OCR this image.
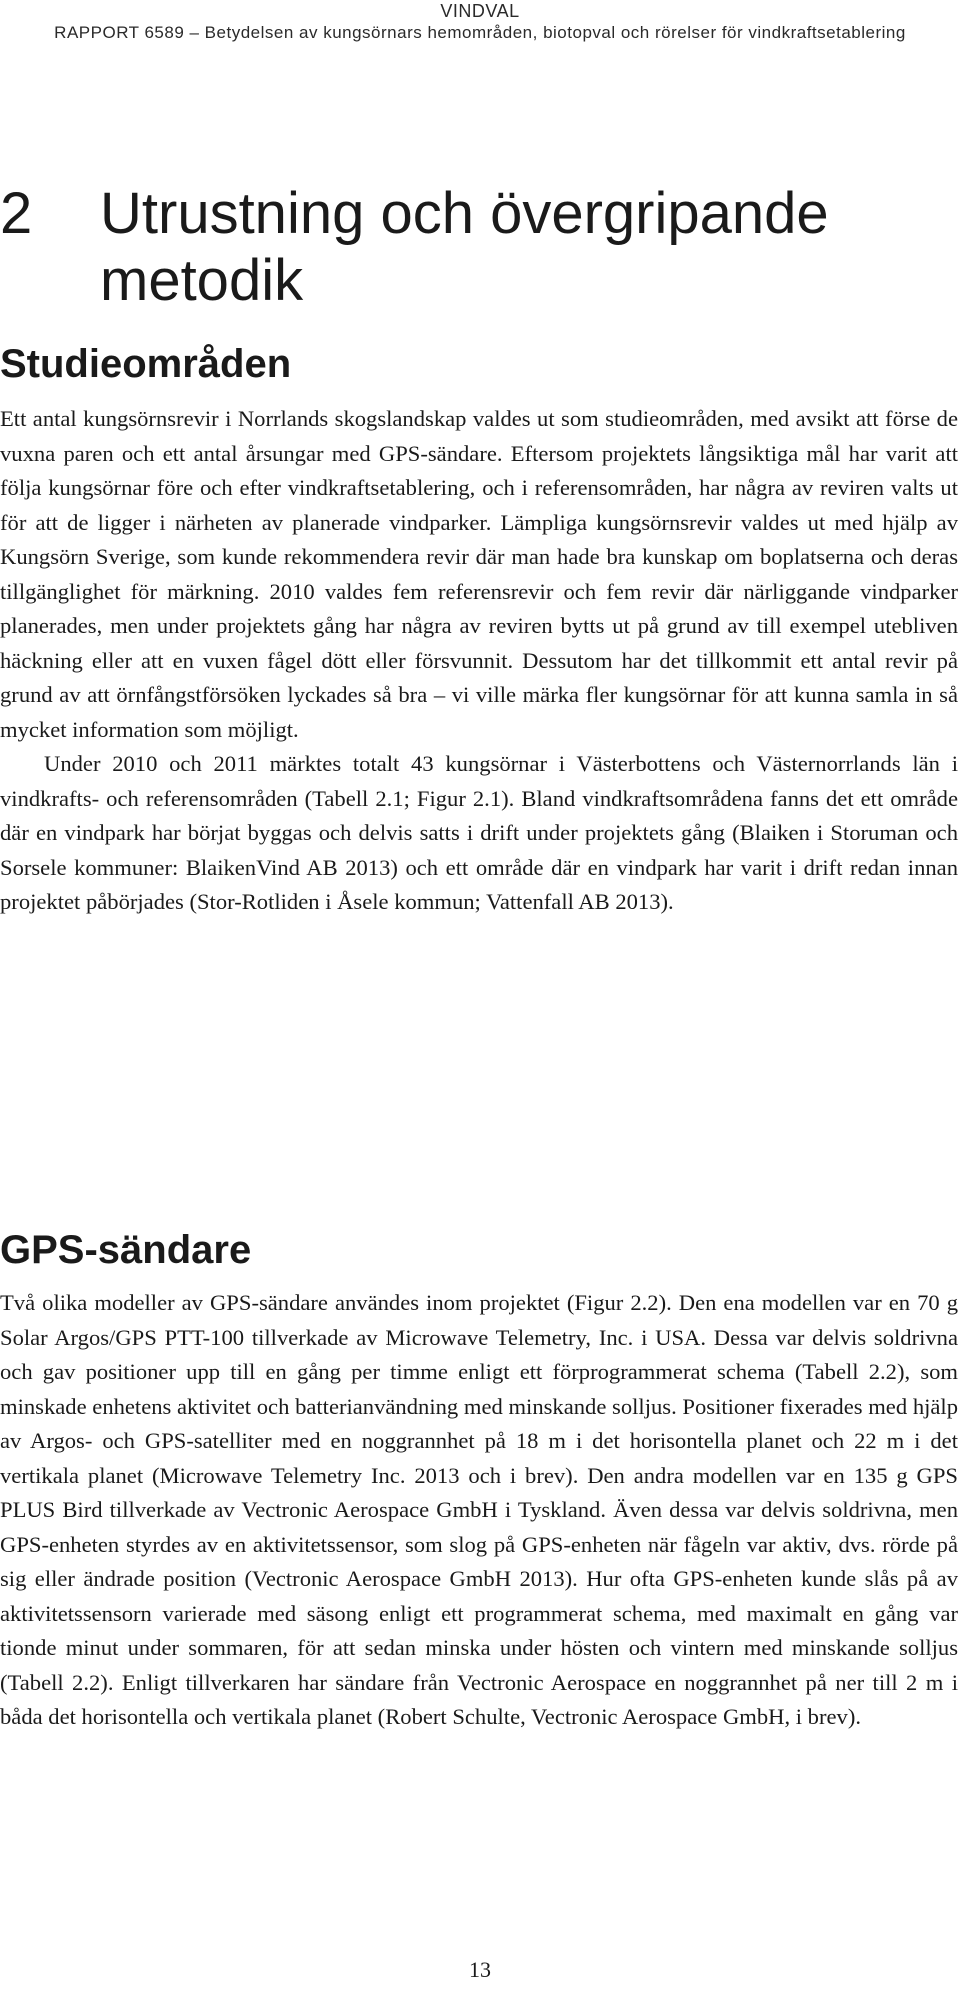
VINDVAL
RAPPORT 6589 – Betydelsen av kungsörnars hemområden, biotopval och rörelser för vindkraftsetablering
2 Utrustning och övergripande metodik
Studieområden

Ett antal kungsörnsrevir i Norrlands skogslandskap valdes ut som studieområden, med avsikt att förse de vuxna paren och ett antal årsungar med GPS-sändare. Eftersom projektets långsiktiga mål har varit att följa kungsörnar före och efter vindkraftsetablering, och i referensområden, har några av reviren valts ut för att de ligger i närheten av planerade vindparker. Lämpliga kungsörnsrevir valdes ut med hjälp av Kungsörn Sverige, som kunde rekommendera revir där man hade bra kunskap om boplatserna och deras tillgänglighet för märkning. 2010 valdes fem referensrevir och fem revir där närliggande vindparker planerades, men under projektets gång har några av reviren bytts ut på grund av till exempel utebliven häckning eller att en vuxen fågel dött eller försvunnit. Dessutom har det tillkommit ett antal revir på grund av att örnfångstförsöken lyckades så bra – vi ville märka fler kungsörnar för att kunna samla in så mycket information som möjligt.

Under 2010 och 2011 märktes totalt 43 kungsörnar i Västerbottens och Västernorrlands län i vindkrafts- och referensområden (Tabell 2.1; Figur 2.1). Bland vindkraftsområdena fanns det ett område där en vindpark har börjat byggas och delvis satts i drift under projektets gång (Blaiken i Storuman och Sorsele kommuner: BlaikenVind AB 2013) och ett område där en vindpark har varit i drift redan innan projektet påbörjades (Stor-Rotliden i Åsele kommun; Vattenfall AB 2013).

GPS-sändare

Två olika modeller av GPS-sändare användes inom projektet (Figur 2.2). Den ena modellen var en 70 g Solar Argos/GPS PTT-100 tillverkade av Microwave Telemetry, Inc. i USA. Dessa var delvis soldrivna och gav positioner upp till en gång per timme enligt ett förprogrammerat schema (Tabell 2.2), som minskade enhetens aktivitet och batterianvändning med minskande solljus. Positioner fixerades med hjälp av Argos- och GPS-satelliter med en noggrannhet på 18 m i det horisontella planet och 22 m i det vertikala planet (Microwave Telemetry Inc. 2013 och i brev). Den andra modellen var en 135 g GPS PLUS Bird tillverkade av Vectronic Aerospace GmbH i Tyskland. Även dessa var delvis soldrivna, men GPS-enheten styrdes av en aktivitetssensor, som slog på GPS-enheten när fågeln var aktiv, dvs. rörde på sig eller ändrade position (Vectronic Aerospace GmbH 2013). Hur ofta GPS-enheten kunde slås på av aktivitetssensorn varierade med säsong enligt ett programmerat schema, med maximalt en gång var tionde minut under sommaren, för att sedan minska under hösten och vintern med minskande solljus (Tabell 2.2). Enligt tillverkaren har sändare från Vectronic Aerospace en noggrannhet på ner till 2 m i båda det horisontella och vertikala planet (Robert Schulte, Vectronic Aerospace GmbH, i brev).

13
